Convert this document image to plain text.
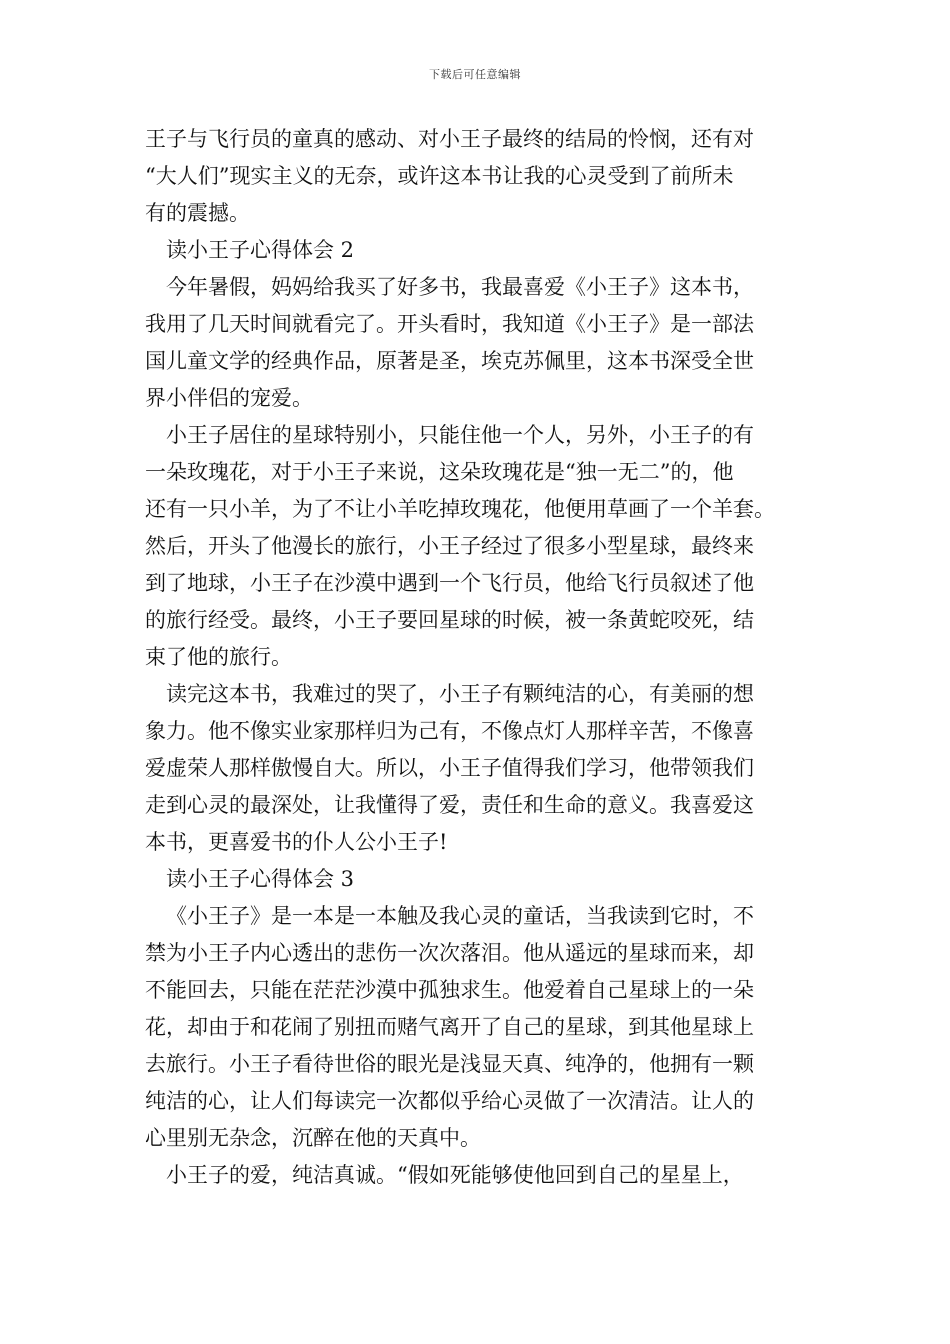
下载后可任意编辑
王子与飞行员的童真的感动、对小王子最终的结局的怜悯，还有对
“大人们”现实主义的无奈，或许这本书让我的心灵受到了前所未
有的震撼。
读小王子心得体会 2
今年暑假，妈妈给我买了好多书，我最喜爱《小王子》这本书，
我用了几天时间就看完了。开头看时，我知道《小王子》是一部法
国儿童文学的经典作品，原著是圣，埃克苏佩里，这本书深受全世
界小伴侣的宠爱。
小王子居住的星球特别小，只能住他一个人，另外，小王子的有
一朵玫瑰花，对于小王子来说，这朵玫瑰花是“独一无二”的，他
还有一只小羊，为了不让小羊吃掉玫瑰花，他便用草画了一个羊套。
然后，开头了他漫长的旅行，小王子经过了很多小型星球，最终来
到了地球，小王子在沙漠中遇到一个飞行员，他给飞行员叙述了他
的旅行经受。最终，小王子要回星球的时候，被一条黄蛇咬死，结
束了他的旅行。
读完这本书，我难过的哭了，小王子有颗纯洁的心，有美丽的想
象力。他不像实业家那样归为己有，不像点灯人那样辛苦，不像喜
爱虚荣人那样傲慢自大。所以，小王子值得我们学习，他带领我们
走到心灵的最深处，让我懂得了爱，责任和生命的意义。我喜爱这
本书，更喜爱书的仆人公小王子!
读小王子心得体会 3
《小王子》是一本是一本触及我心灵的童话，当我读到它时，不
禁为小王子内心透出的悲伤一次次落泪。他从遥远的星球而来，却
不能回去，只能在茫茫沙漠中孤独求生。他爱着自己星球上的一朵
花，却由于和花闹了别扭而赌气离开了自己的星球，到其他星球上
去旅行。小王子看待世俗的眼光是浅显天真、纯净的，他拥有一颗
纯洁的心，让人们每读完一次都似乎给心灵做了一次清洁。让人的
心里别无杂念，沉醉在他的天真中。
小王子的爱，纯洁真诚。“假如死能够使他回到自己的星星上，
